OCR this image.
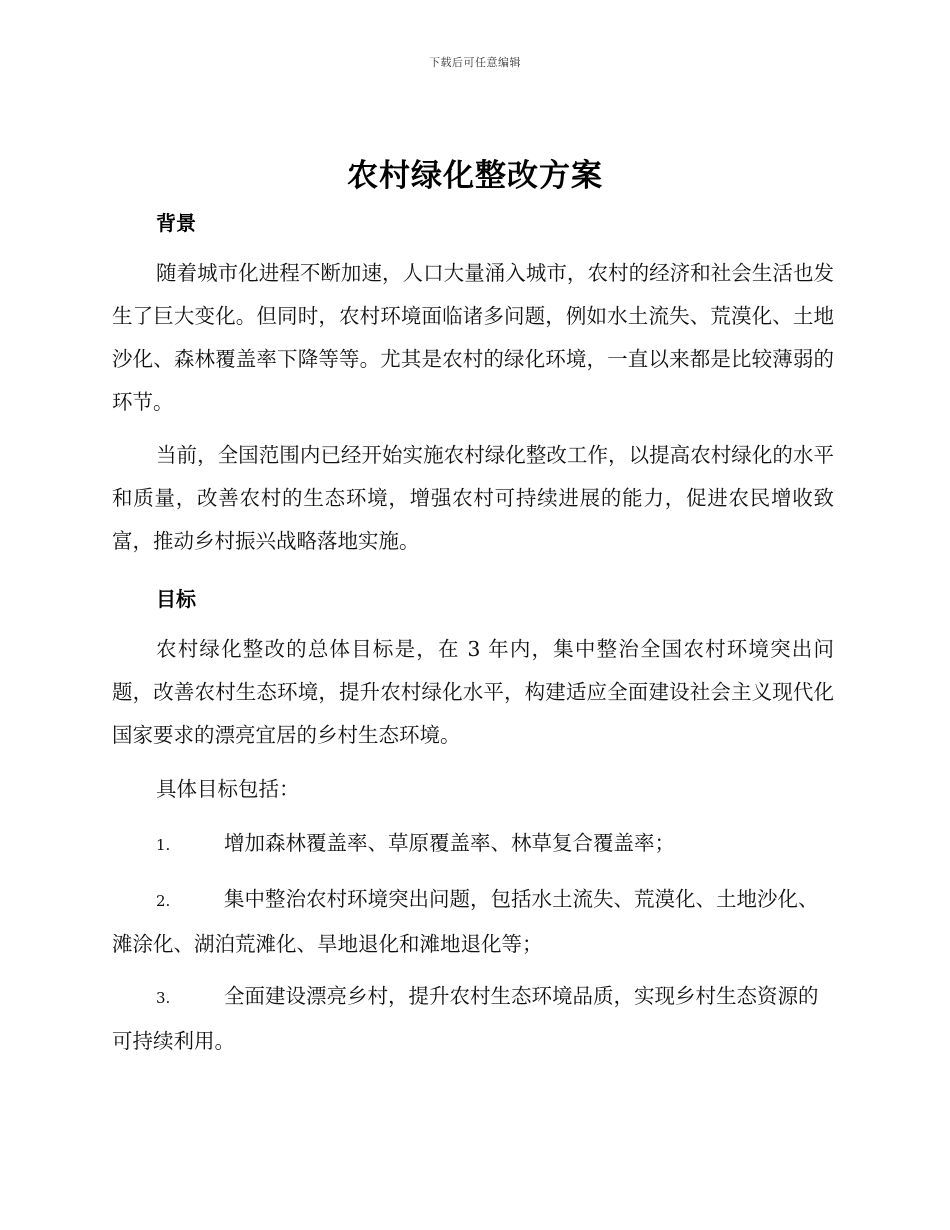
下载后可任意编辑
农村绿化整改方案
背景
随着城市化进程不断加速，人口大量涌入城市，农村的经济和社会生活也发生了巨大变化。但同时，农村环境面临诸多问题，例如水土流失、荒漠化、土地沙化、森林覆盖率下降等等。尤其是农村的绿化环境，一直以来都是比较薄弱的环节。
当前，全国范围内已经开始实施农村绿化整改工作，以提高农村绿化的水平和质量，改善农村的生态环境，增强农村可持续进展的能力，促进农民增收致富，推动乡村振兴战略落地实施。
目标
农村绿化整改的总体目标是，在 3 年内，集中整治全国农村环境突出问题，改善农村生态环境，提升农村绿化水平，构建适应全面建设社会主义现代化国家要求的漂亮宜居的乡村生态环境。
具体目标包括：
1.	增加森林覆盖率、草原覆盖率、林草复合覆盖率；
2.	集中整治农村环境突出问题，包括水土流失、荒漠化、土地沙化、滩涂化、湖泊荒滩化、旱地退化和滩地退化等；
3.	全面建设漂亮乡村，提升农村生态环境品质，实现乡村生态资源的可持续利用。
